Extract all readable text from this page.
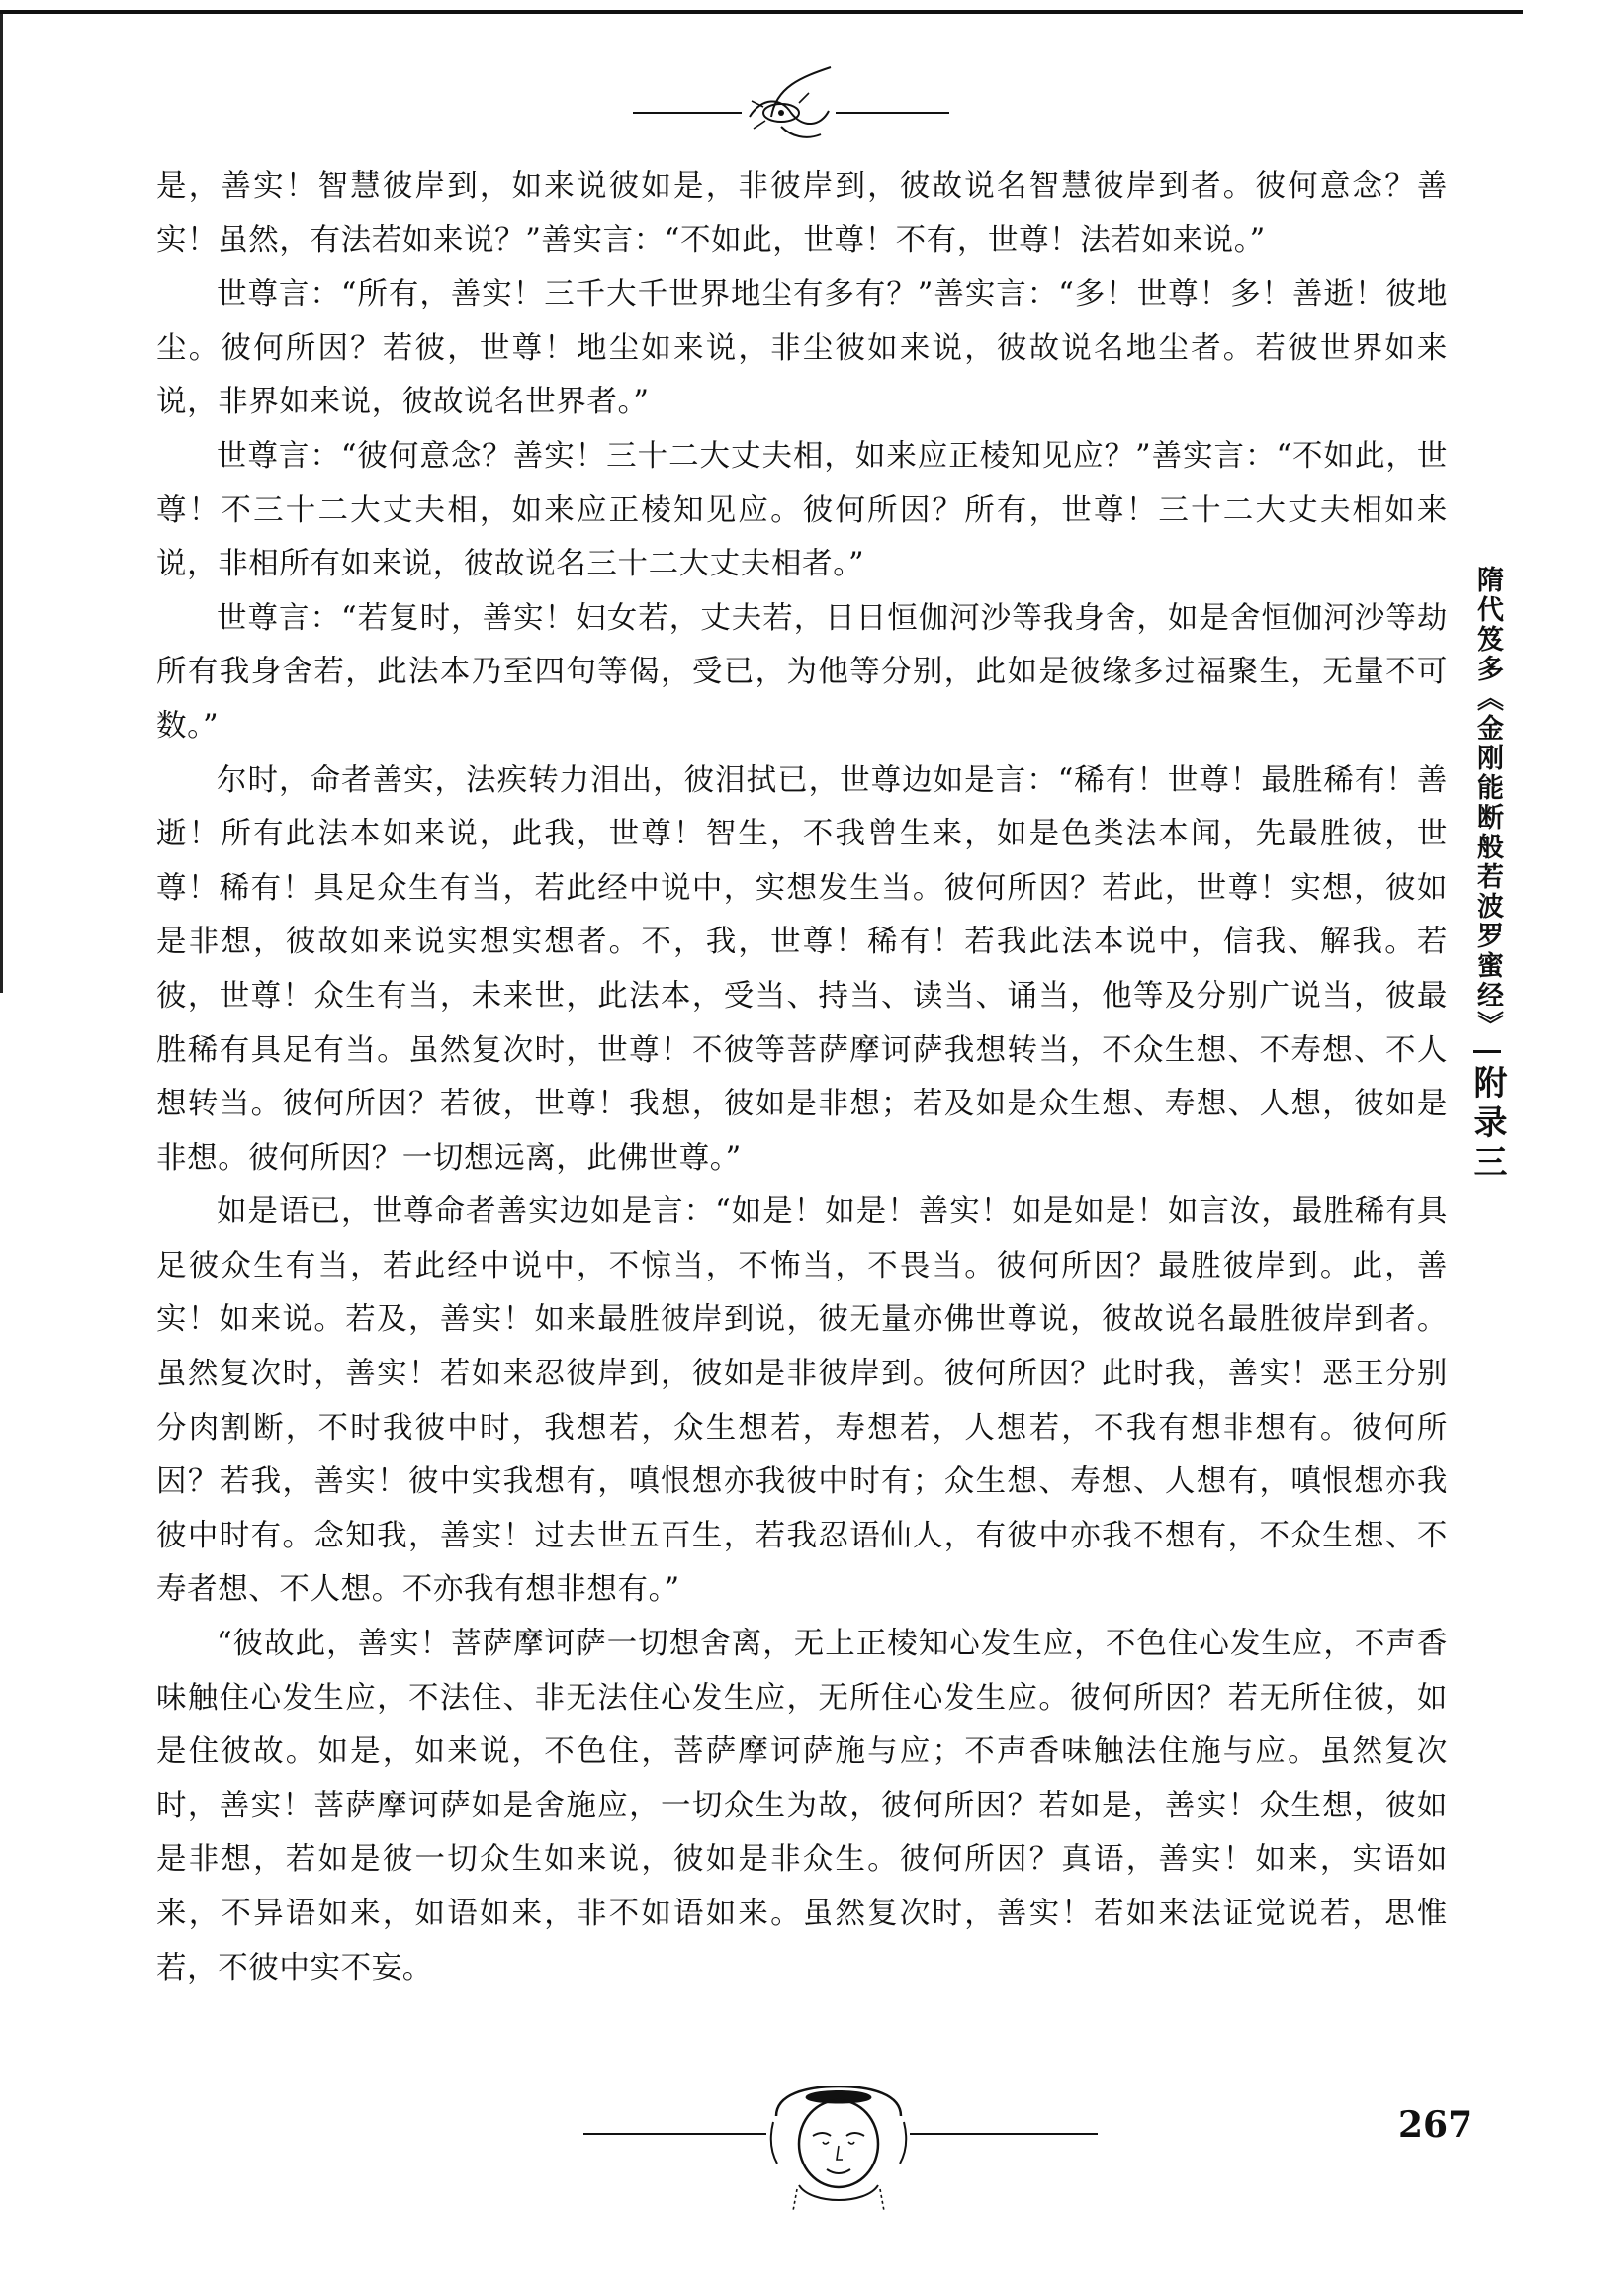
是，善实！智慧彼岸到，如来说彼如是，非彼岸到，彼故说名智慧彼岸到者。彼何意念？善实！虽然，有法若如来说？”善实言：“不如此，世尊！不有，世尊！法若如来说。”

世尊言：“所有，善实！三千大千世界地尘有多有？”善实言：“多！世尊！多！善逝！彼地尘。彼何所因？若彼，世尊！地尘如来说，非尘彼如来说，彼故说名地尘者。若彼世界如来说，非界如来说，彼故说名世界者。”

世尊言：“彼何意念？善实！三十二大丈夫相，如来应正棱知见应？”善实言：“不如此，世尊！不三十二大丈夫相，如来应正棱知见应。彼何所因？所有，世尊！三十二大丈夫相如来说，非相所有如来说，彼故说名三十二大丈夫相者。”

世尊言：“若复时，善实！妇女若，丈夫若，日日恒伽河沙等我身舍，如是舍恒伽河沙等劫所有我身舍若，此法本乃至四句等偈，受已，为他等分别，此如是彼缘多过福聚生，无量不可数。”

尔时，命者善实，法疾转力泪出，彼泪拭已，世尊边如是言：“稀有！世尊！最胜稀有！善逝！所有此法本如来说，此我，世尊！智生，不我曾生来，如是色类法本闻，先最胜彼，世尊！稀有！具足众生有当，若此经中说中，实想发生当。彼何所因？若此，世尊！实想，彼如是非想，彼故如来说实想实想者。不，我，世尊！稀有！若我此法本说中，信我、解我。若彼，世尊！众生有当，未来世，此法本，受当、持当、读当、诵当，他等及分别广说当，彼最胜稀有具足有当。虽然复次时，世尊！不彼等菩萨摩诃萨我想转当，不众生想、不寿想、不人想转当。彼何所因？若彼，世尊！我想，彼如是非想；若及如是众生想、寿想、人想，彼如是非想。彼何所因？一切想远离，此佛世尊。”

如是语已，世尊命者善实边如是言：“如是！如是！善实！如是如是！如言汝，最胜稀有具足彼众生有当，若此经中说中，不惊当，不怖当，不畏当。彼何所因？最胜彼岸到。此，善实！如来说。若及，善实！如来最胜彼岸到说，彼无量亦佛世尊说，彼故说名最胜彼岸到者。虽然复次时，善实！若如来忍彼岸到，彼如是非彼岸到。彼何所因？此时我，善实！恶王分别分肉割断，不时我彼中时，我想若，众生想若，寿想若，人想若，不我有想非想有。彼何所因？若我，善实！彼中实我想有，嗔恨想亦我彼中时有；众生想、寿想、人想有，嗔恨想亦我彼中时有。念知我，善实！过去世五百生，若我忍语仙人，有彼中亦我不想有，不众生想、不寿者想、不人想。不亦我有想非想有。”

“彼故此，善实！菩萨摩诃萨一切想舍离，无上正棱知心发生应，不色住心发生应，不声香味触住心发生应，不法住、非无法住心发生应，无所住心发生应。彼何所因？若无所住彼，如是住彼故。如是，如来说，不色住，菩萨摩诃萨施与应；不声香味触法住施与应。虽然复次时，善实！菩萨摩诃萨如是舍施应，一切众生为故，彼何所因？若如是，善实！众生想，彼如是非想，若如是彼一切众生如来说，彼如是非众生。彼何所因？真语，善实！如来，实语如来，不异语如来，如语如来，非不如语如来。虽然复次时，善实！若如来法证觉说若，思惟若，不彼中实不妄。

隋代笈多《金刚能断般若波罗蜜经》
附录三
267
